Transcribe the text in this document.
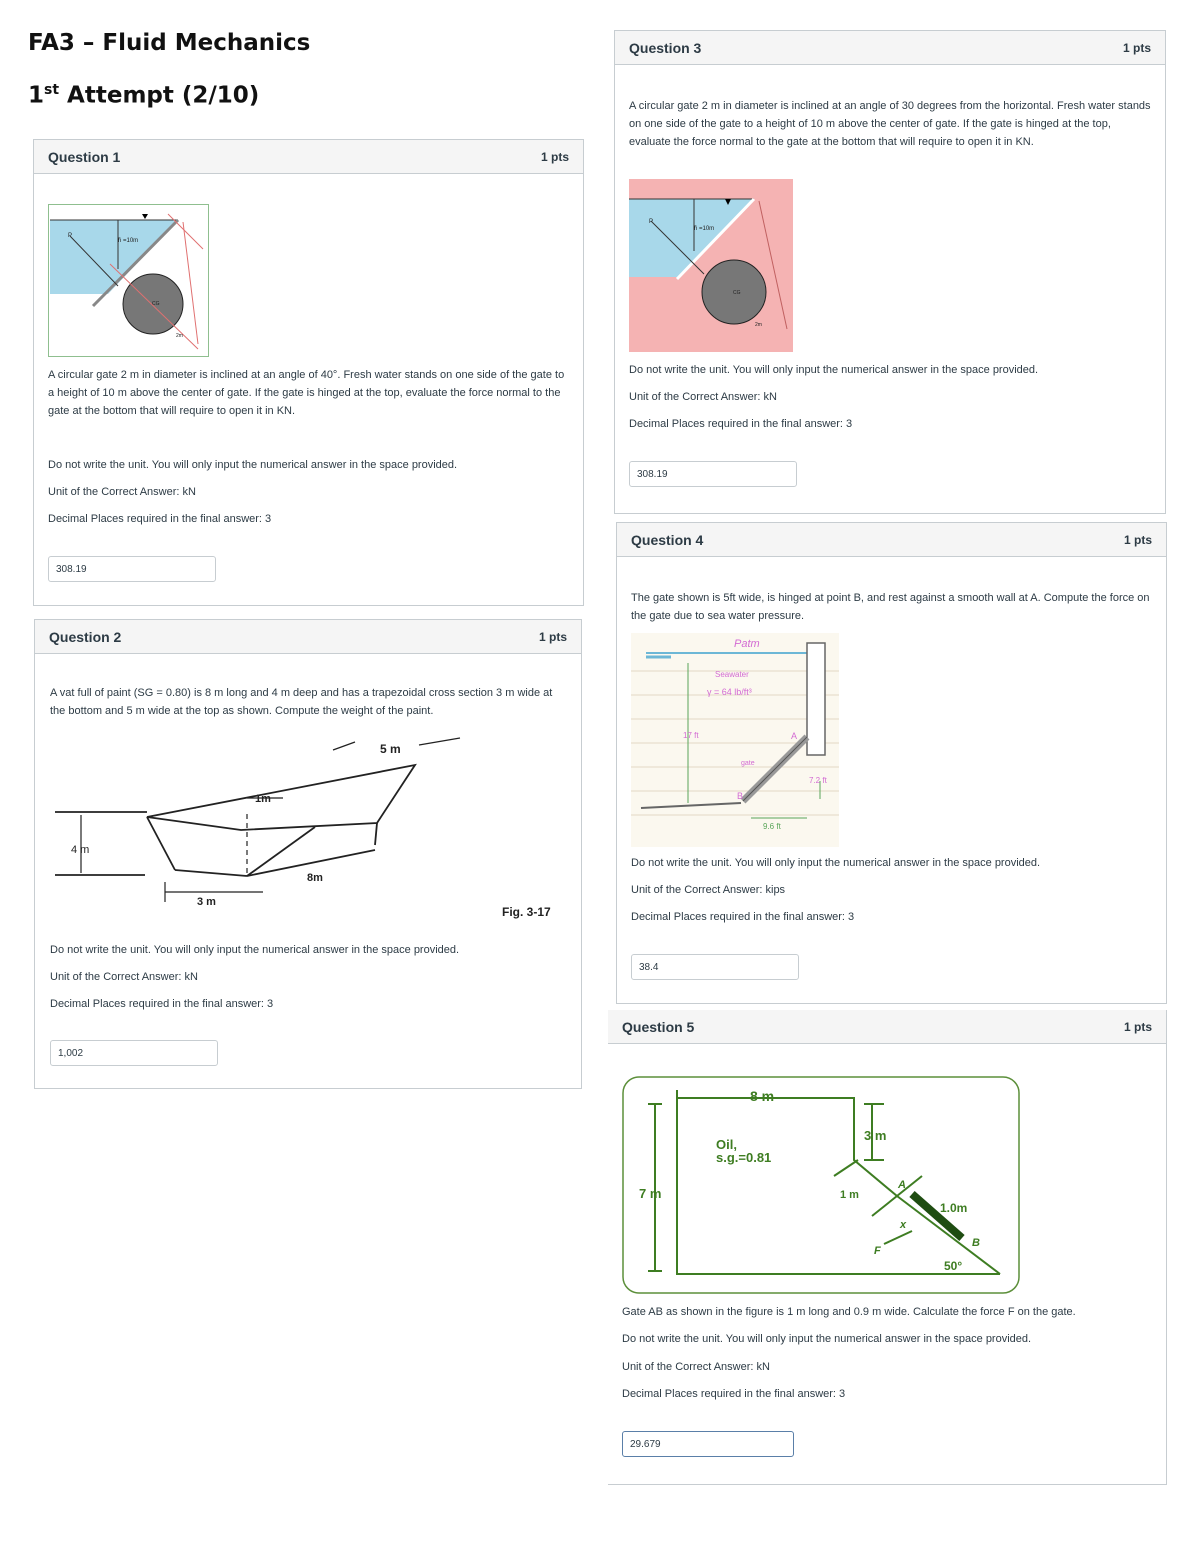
FA3 – Fluid Mechanics
1st Attempt (2/10)
Question 1	1 pts
h̄ =10m
P
CG
2m

A circular gate 2 m in diameter is inclined at an angle of 40°. Fresh water stands on one side of the gate to a height of 10 m above the center of gate. If the gate is hinged at the top, evaluate the force normal to the gate at the bottom that will require to open it in KN.

Do not write the unit. You will only input the numerical answer in the space provided.

Unit of the Correct Answer: kN

Decimal Places required in the final answer: 3

308.19
Question 2	1 pts

A vat full of paint (SG = 0.80) is 8 m long and 4 m deep and has a trapezoidal cross section 3 m wide at the bottom and 5 m wide at the top as shown. Compute the weight of the paint.

5 m
1m
4 m
8m
3 m
Fig. 3-17

Do not write the unit. You will only input the numerical answer in the space provided.

Unit of the Correct Answer: kN

Decimal Places required in the final answer: 3

1,002
Question 3	1 pts

A circular gate 2 m in diameter is inclined at an angle of 30 degrees from the horizontal. Fresh water stands on one side of the gate to a height of 10 m above the center of gate. If the gate is hinged at the top, evaluate the force normal to the gate at the bottom that will require to open it in KN.

h̄ =10m
P
CG
2m

Do not write the unit. You will only input the numerical answer in the space provided.

Unit of the Correct Answer: kN

Decimal Places required in the final answer: 3

308.19
Question 4	1 pts

The gate shown is 5ft wide, is hinged at point B, and rest against a smooth wall at A. Compute the force on the gate due to sea water pressure.

Patm
Seawater
γ = 64 lb/ft³
17 ft	A
B
gate
7.2 ft
9.6 ft

Do not write the unit. You will only input the numerical answer in the space provided.

Unit of the Correct Answer: kips

Decimal Places required in the final answer: 3

38.4
Question 5	1 pts
8 m
Oil,
s.g.=0.81
3 m
7 m	1 m
A
1.0m
x
B
F
50°

Gate AB as shown in the figure is 1 m long and 0.9 m wide. Calculate the force F on the gate.

Do not write the unit. You will only input the numerical answer in the space provided.

Unit of the Correct Answer: kN

Decimal Places required in the final answer: 3

29.679
